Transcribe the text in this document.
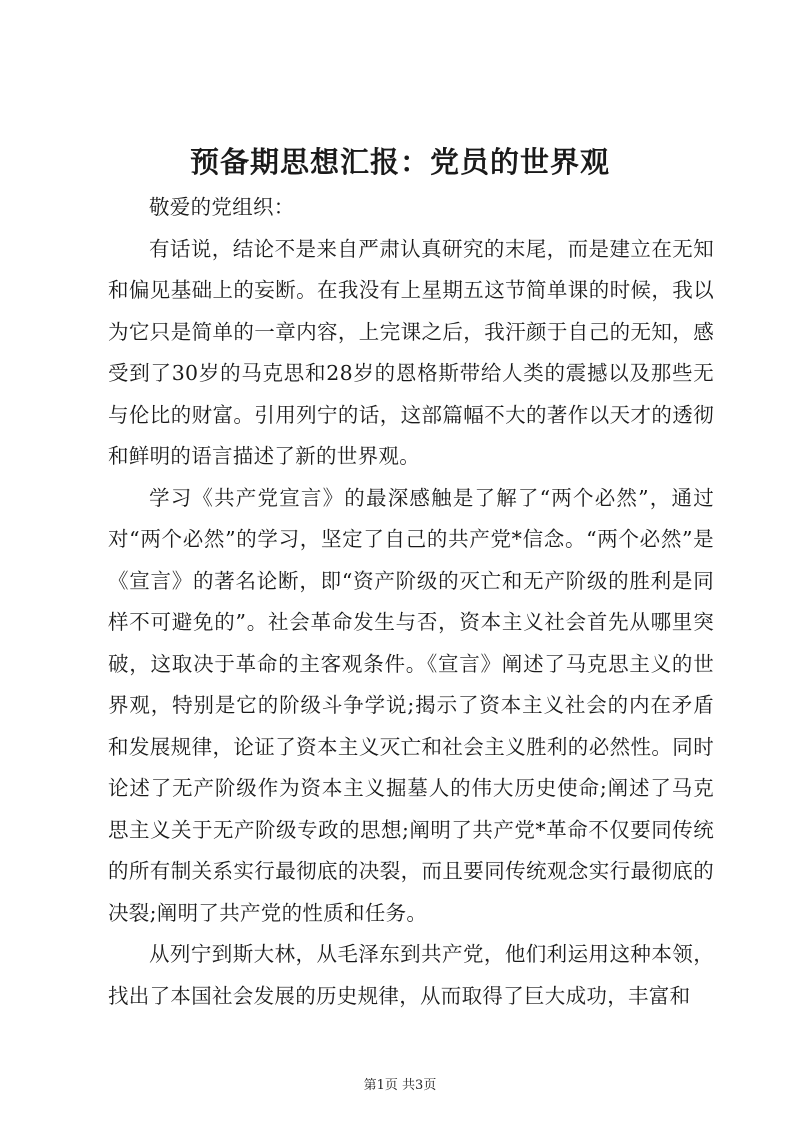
预备期思想汇报：党员的世界观

敬爱的党组织：

有话说，结论不是来自严肃认真研究的末尾，而是建立在无知和偏见基础上的妄断。在我没有上星期五这节简单课的时候，我以为它只是简单的一章内容，上完课之后，我汗颜于自己的无知，感受到了30岁的马克思和28岁的恩格斯带给人类的震撼以及那些无与伦比的财富。引用列宁的话，这部篇幅不大的著作以天才的透彻和鲜明的语言描述了新的世界观。

学习《共产党宣言》的最深感触是了解了“两个必然”，通过对“两个必然”的学习，坚定了自己的共产党*信念。“两个必然”是《宣言》的著名论断，即“资产阶级的灭亡和无产阶级的胜利是同样不可避免的”。社会革命发生与否，资本主义社会首先从哪里突破，这取决于革命的主客观条件。《宣言》阐述了马克思主义的世界观，特别是它的阶级斗争学说;揭示了资本主义社会的内在矛盾和发展规律，论证了资本主义灭亡和社会主义胜利的必然性。同时论述了无产阶级作为资本主义掘墓人的伟大历史使命;阐述了马克思主义关于无产阶级专政的思想;阐明了共产党*革命不仅要同传统的所有制关系实行最彻底的决裂，而且要同传统观念实行最彻底的决裂;阐明了共产党的性质和任务。

从列宁到斯大林，从毛泽东到共产党，他们利运用这种本领，找出了本国社会发展的历史规律，从而取得了巨大成功，丰富和

第1页 共3页
